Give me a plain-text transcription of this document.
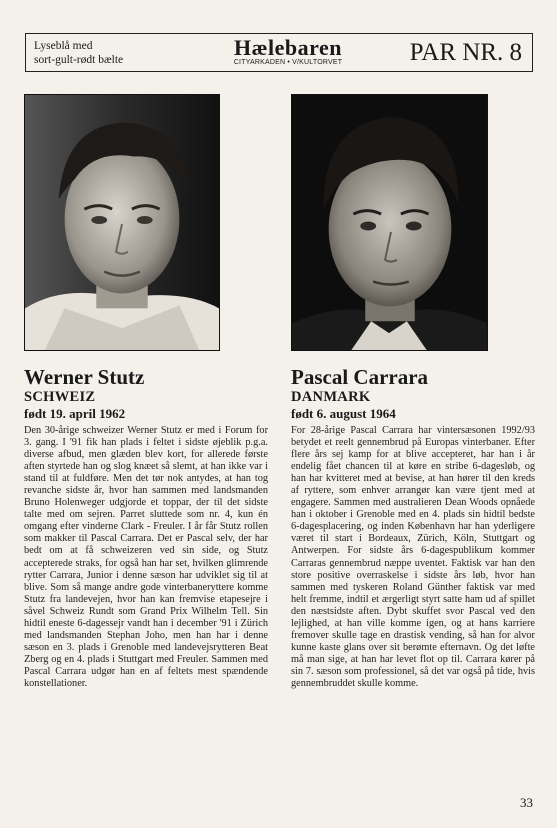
Lyseblå med
sort-gult-rødt bælte	Hælebaren
CITYARKADEN • V/KULTORVET	PAR NR. 8
Werner Stutz
SCHWEIZ
født 19. april 1962

Den 30-årige schweizer Werner Stutz er med i Forum for 3. gang. I '91 fik han plads i feltet i sidste øjeblik p.g.a. diverse afbud, men glæden blev kort, for allerede første aften styrtede han og slog knæet så slemt, at han ikke var i stand til at fuldføre. Men det tør nok antydes, at han tog revanche sidste år, hvor han sammen med landsmanden Bruno Holenweger udgjorde et toppar, der til det sidste talte med om sejren. Parret sluttede som nr. 4, kun én omgang efter vinderne Clark - Freuler. I år får Stutz rollen som makker til Pascal Carrara. Det er Pascal selv, der har bedt om at få schweizeren ved sin side, og Stutz accepterede straks, for også han har set, hvilken glimrende rytter Carrara, Junior i denne sæson har udviklet sig til at blive. Som så mange andre gode vinterbaneryttere komme Stutz fra landevejen, hvor han kan fremvise etapesejre i såvel Schweiz Rundt som Grand Prix Wilhelm Tell. Sin hidtil eneste 6-dagessejr vandt han i december '91 i Zürich med landsmanden Stephan Joho, men han har i denne sæson en 3. plads i Grenoble med landevejsrytteren Beat Zberg og en 4. plads i Stuttgart med Freuler. Sammen med Pascal Carrara udgør han en af feltets mest spændende konstellationer.

Pascal Carrara
DANMARK
født 6. august 1964

For 28-årige Pascal Carrara har vintersæsonen 1992/93 betydet et reelt gennembrud på Europas vinterbaner. Efter flere års sej kamp for at blive accepteret, har han i år endelig fået chancen til at køre en stribe 6-dagesløb, og han har kvitteret med at bevise, at han hører til den kreds af ryttere, som enhver arrangør kan være tjent med at engagere. Sammen med australieren Dean Woods opnåede han i oktober i Grenoble med en 4. plads sin hidtil bedste 6-dagesplacering, og inden København har han yderligere været til start i Bordeaux, Zürich, Köln, Stuttgart og Antwerpen. For sidste års 6-dagespublikum kommer Carraras gennembrud næppe uventet. Faktisk var han den store positive overraskelse i sidste års løb, hvor han sammen med tyskeren Roland Günther faktisk var med helt fremme, indtil et ærgerligt styrt satte ham ud af spillet den næstsidste aften. Dybt skuffet svor Pascal ved den lejlighed, at han ville komme igen, og at hans karriere fremover skulle tage en drastisk vending, så han for alvor kunne kaste glans over sit berømte efternavn. Og det løfte må man sige, at han har levet flot op til. Carrara kører på sin 7. sæson som professionel, så det var også på tide, hvis gennembruddet skulle komme.

33
